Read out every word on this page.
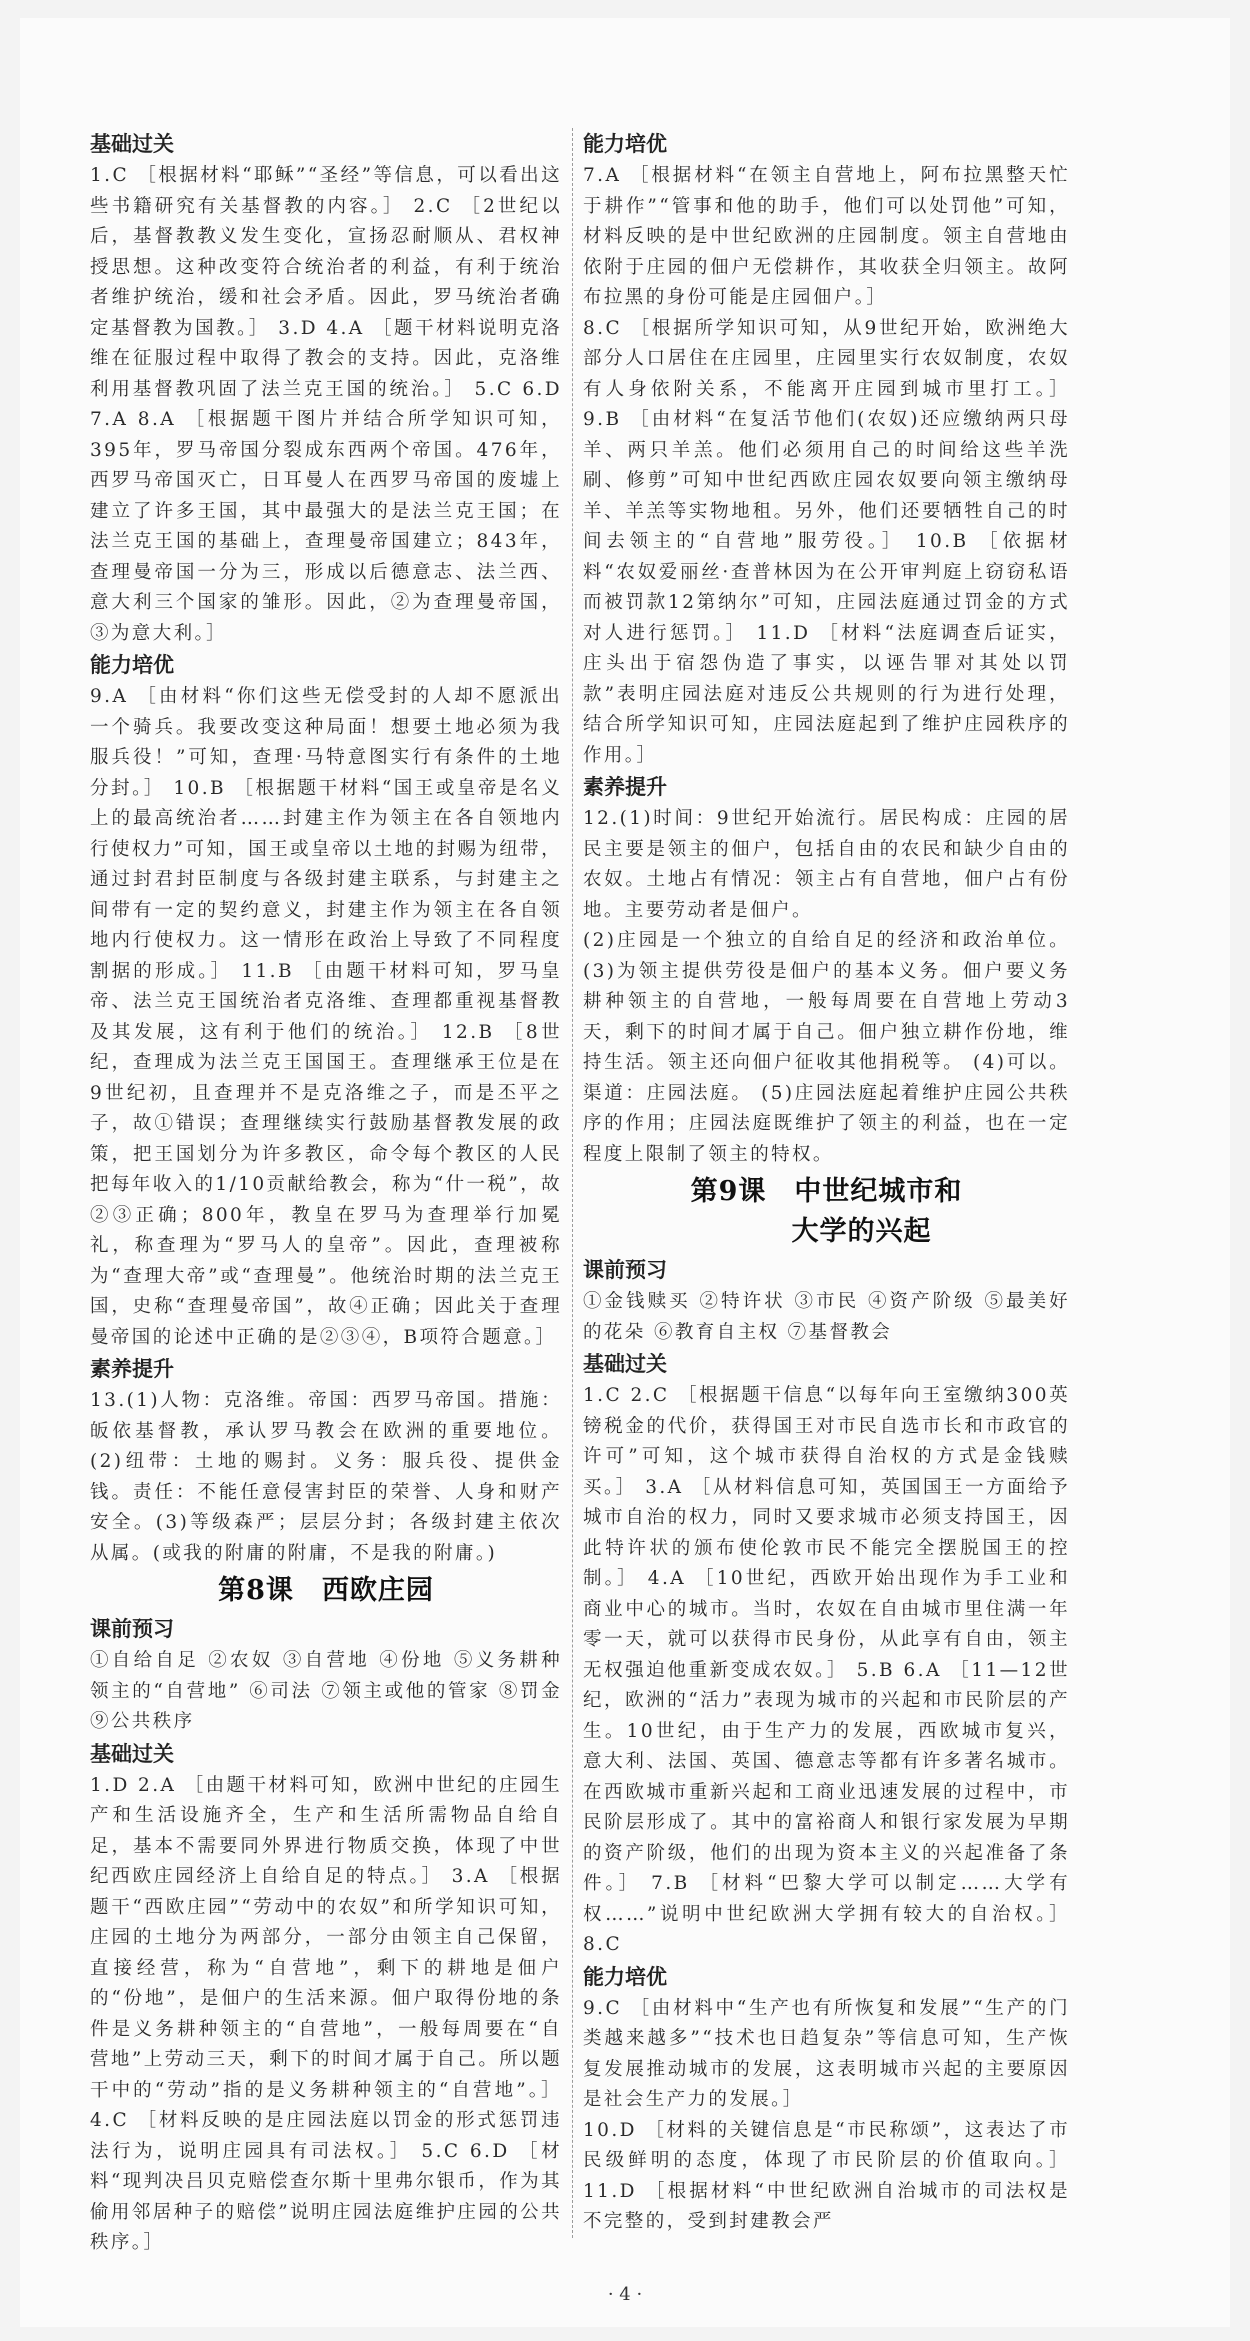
基础过关

1.C ［根据材料“耶稣”“圣经”等信息，可以看出这些书籍研究有关基督教的内容。］ 2.C ［2世纪以后，基督教教义发生变化，宣扬忍耐顺从、君权神授思想。这种改变符合统治者的利益，有利于统治者维护统治，缓和社会矛盾。因此，罗马统治者确定基督教为国教。］ 3.D 4.A ［题干材料说明克洛维在征服过程中取得了教会的支持。因此，克洛维利用基督教巩固了法兰克王国的统治。］ 5.C 6.D 7.A 8.A ［根据题干图片并结合所学知识可知，395年，罗马帝国分裂成东西两个帝国。476年，西罗马帝国灭亡，日耳曼人在西罗马帝国的废墟上建立了许多王国，其中最强大的是法兰克王国；在法兰克王国的基础上，查理曼帝国建立；843年，查理曼帝国一分为三，形成以后德意志、法兰西、意大利三个国家的雏形。因此，②为查理曼帝国，③为意大利。］

能力培优

9.A ［由材料“你们这些无偿受封的人却不愿派出一个骑兵。我要改变这种局面！想要土地必须为我服兵役！”可知，查理·马特意图实行有条件的土地分封。］ 10.B ［根据题干材料“国王或皇帝是名义上的最高统治者……封建主作为领主在各自领地内行使权力”可知，国王或皇帝以土地的封赐为纽带，通过封君封臣制度与各级封建主联系，与封建主之间带有一定的契约意义，封建主作为领主在各自领地内行使权力。这一情形在政治上导致了不同程度割据的形成。］ 11.B ［由题干材料可知，罗马皇帝、法兰克王国统治者克洛维、查理都重视基督教及其发展，这有利于他们的统治。］ 12.B ［8世纪，查理成为法兰克王国国王。查理继承王位是在9世纪初，且查理并不是克洛维之子，而是丕平之子，故①错误；查理继续实行鼓励基督教发展的政策，把王国划分为许多教区，命令每个教区的人民把每年收入的1/10贡献给教会，称为“什一税”，故②③正确；800年，教皇在罗马为查理举行加冕礼，称查理为“罗马人的皇帝”。因此，查理被称为“查理大帝”或“查理曼”。他统治时期的法兰克王国，史称“查理曼帝国”，故④正确；因此关于查理曼帝国的论述中正确的是②③④，B项符合题意。］

素养提升

13.(1)人物：克洛维。帝国：西罗马帝国。措施：皈依基督教，承认罗马教会在欧洲的重要地位。 (2)纽带：土地的赐封。义务：服兵役、提供金钱。责任：不能任意侵害封臣的荣誉、人身和财产安全。(3)等级森严；层层分封；各级封建主依次从属。(或我的附庸的附庸，不是我的附庸。)

第8课 西欧庄园
课前预习

①自给自足 ②农奴 ③自营地 ④份地 ⑤义务耕种领主的“自营地” ⑥司法 ⑦领主或他的管家 ⑧罚金 ⑨公共秩序

基础过关

1.D 2.A ［由题干材料可知，欧洲中世纪的庄园生产和生活设施齐全，生产和生活所需物品自给自足，基本不需要同外界进行物质交换，体现了中世纪西欧庄园经济上自给自足的特点。］ 3.A ［根据题干“西欧庄园”“劳动中的农奴”和所学知识可知，庄园的土地分为两部分，一部分由领主自己保留，直接经营，称为“自营地”，剩下的耕地是佃户的“份地”，是佃户的生活来源。佃户取得份地的条件是义务耕种领主的“自营地”，一般每周要在“自营地”上劳动三天，剩下的时间才属于自己。所以题干中的“劳动”指的是义务耕种领主的“自营地”。］ 4.C ［材料反映的是庄园法庭以罚金的形式惩罚违法行为，说明庄园具有司法权。］ 5.C 6.D ［材料“现判决吕贝克赔偿查尔斯十里弗尔银币，作为其偷用邻居种子的赔偿”说明庄园法庭维护庄园的公共秩序。］

能力培优

7.A ［根据材料“在领主自营地上，阿布拉黑整天忙于耕作”“管事和他的助手，他们可以处罚他”可知，材料反映的是中世纪欧洲的庄园制度。领主自营地由依附于庄园的佃户无偿耕作，其收获全归领主。故阿布拉黑的身份可能是庄园佃户。］

8.C ［根据所学知识可知，从9世纪开始，欧洲绝大部分人口居住在庄园里，庄园里实行农奴制度，农奴有人身依附关系，不能离开庄园到城市里打工。］ 9.B ［由材料“在复活节他们(农奴)还应缴纳两只母羊、两只羊羔。他们必须用自己的时间给这些羊洗刷、修剪”可知中世纪西欧庄园农奴要向领主缴纳母羊、羊羔等实物地租。另外，他们还要牺牲自己的时间去领主的“自营地”服劳役。］ 10.B ［依据材料“农奴爱丽丝·查普林因为在公开审判庭上窃窃私语而被罚款12第纳尔”可知，庄园法庭通过罚金的方式对人进行惩罚。］ 11.D ［材料“法庭调查后证实，庄头出于宿怨伪造了事实，以诬告罪对其处以罚款”表明庄园法庭对违反公共规则的行为进行处理，结合所学知识可知，庄园法庭起到了维护庄园秩序的作用。］

素养提升

12.(1)时间：9世纪开始流行。居民构成：庄园的居民主要是领主的佃户，包括自由的农民和缺少自由的农奴。土地占有情况：领主占有自营地，佃户占有份地。主要劳动者是佃户。

(2)庄园是一个独立的自给自足的经济和政治单位。 (3)为领主提供劳役是佃户的基本义务。佃户要义务耕种领主的自营地，一般每周要在自营地上劳动3天，剩下的时间才属于自己。佃户独立耕作份地，维持生活。领主还向佃户征收其他捐税等。 (4)可以。渠道：庄园法庭。 (5)庄园法庭起着维护庄园公共秩序的作用；庄园法庭既维护了领主的利益，也在一定程度上限制了领主的特权。

第9课 中世纪城市和
大学的兴起
课前预习

①金钱赎买 ②特许状 ③市民 ④资产阶级 ⑤最美好的花朵 ⑥教育自主权 ⑦基督教会

基础过关

1.C 2.C ［根据题干信息“以每年向王室缴纳300英镑税金的代价，获得国王对市民自选市长和市政官的许可”可知，这个城市获得自治权的方式是金钱赎买。］ 3.A ［从材料信息可知，英国国王一方面给予城市自治的权力，同时又要求城市必须支持国王，因此特许状的颁布使伦敦市民不能完全摆脱国王的控制。］ 4.A ［10世纪，西欧开始出现作为手工业和商业中心的城市。当时，农奴在自由城市里住满一年零一天，就可以获得市民身份，从此享有自由，领主无权强迫他重新变成农奴。］ 5.B 6.A ［11—12世纪，欧洲的“活力”表现为城市的兴起和市民阶层的产生。10世纪，由于生产力的发展，西欧城市复兴，意大利、法国、英国、德意志等都有许多著名城市。在西欧城市重新兴起和工商业迅速发展的过程中，市民阶层形成了。其中的富裕商人和银行家发展为早期的资产阶级，他们的出现为资本主义的兴起准备了条件。］ 7.B ［材料“巴黎大学可以制定……大学有权……”说明中世纪欧洲大学拥有较大的自治权。］ 8.C

能力培优

9.C ［由材料中“生产也有所恢复和发展”“生产的门类越来越多”“技术也日趋复杂”等信息可知，生产恢复发展推动城市的发展，这表明城市兴起的主要原因是社会生产力的发展。］

10.D ［材料的关键信息是“市民称颂”，这表达了市民级鲜明的态度，体现了市民阶层的价值取向。］ 11.D ［根据材料“中世纪欧洲自治城市的司法权是不完整的，受到封建教会严

· 4 ·
